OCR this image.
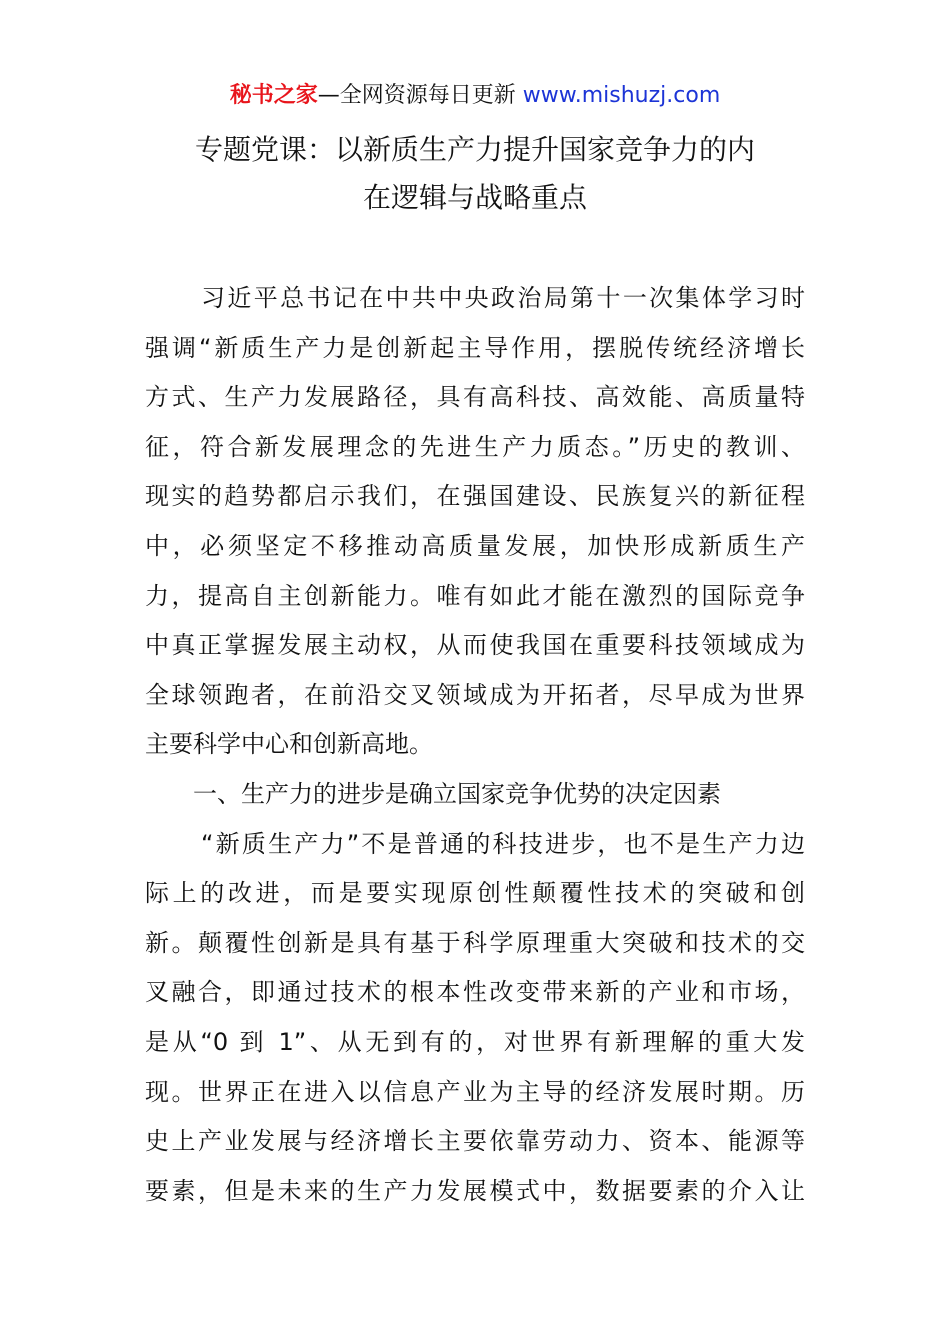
秘书之家—全网资源每日更新 www.mishuzj.com
专题党课：以新质生产力提升国家竞争力的内
在逻辑与战略重点
习近平总书记在中共中央政治局第十一次集体学习时
强调“新质生产力是创新起主导作用，摆脱传统经济增长
方式、生产力发展路径，具有高科技、高效能、高质量特
征，符合新发展理念的先进生产力质态。”历史的教训、
现实的趋势都启示我们，在强国建设、民族复兴的新征程
中，必须坚定不移推动高质量发展，加快形成新质生产
力，提高自主创新能力。唯有如此才能在激烈的国际竞争
中真正掌握发展主动权，从而使我国在重要科技领域成为
全球领跑者，在前沿交叉领域成为开拓者，尽早成为世界
主要科学中心和创新高地。
一、生产力的进步是确立国家竞争优势的决定因素
“新质生产力”不是普通的科技进步，也不是生产力边
际上的改进，而是要实现原创性颠覆性技术的突破和创
新。颠覆性创新是具有基于科学原理重大突破和技术的交
叉融合，即通过技术的根本性改变带来新的产业和市场，
是从“0 到 1”、从无到有的，对世界有新理解的重大发
现。世界正在进入以信息产业为主导的经济发展时期。历
史上产业发展与经济增长主要依靠劳动力、资本、能源等
要素，但是未来的生产力发展模式中，数据要素的介入让
